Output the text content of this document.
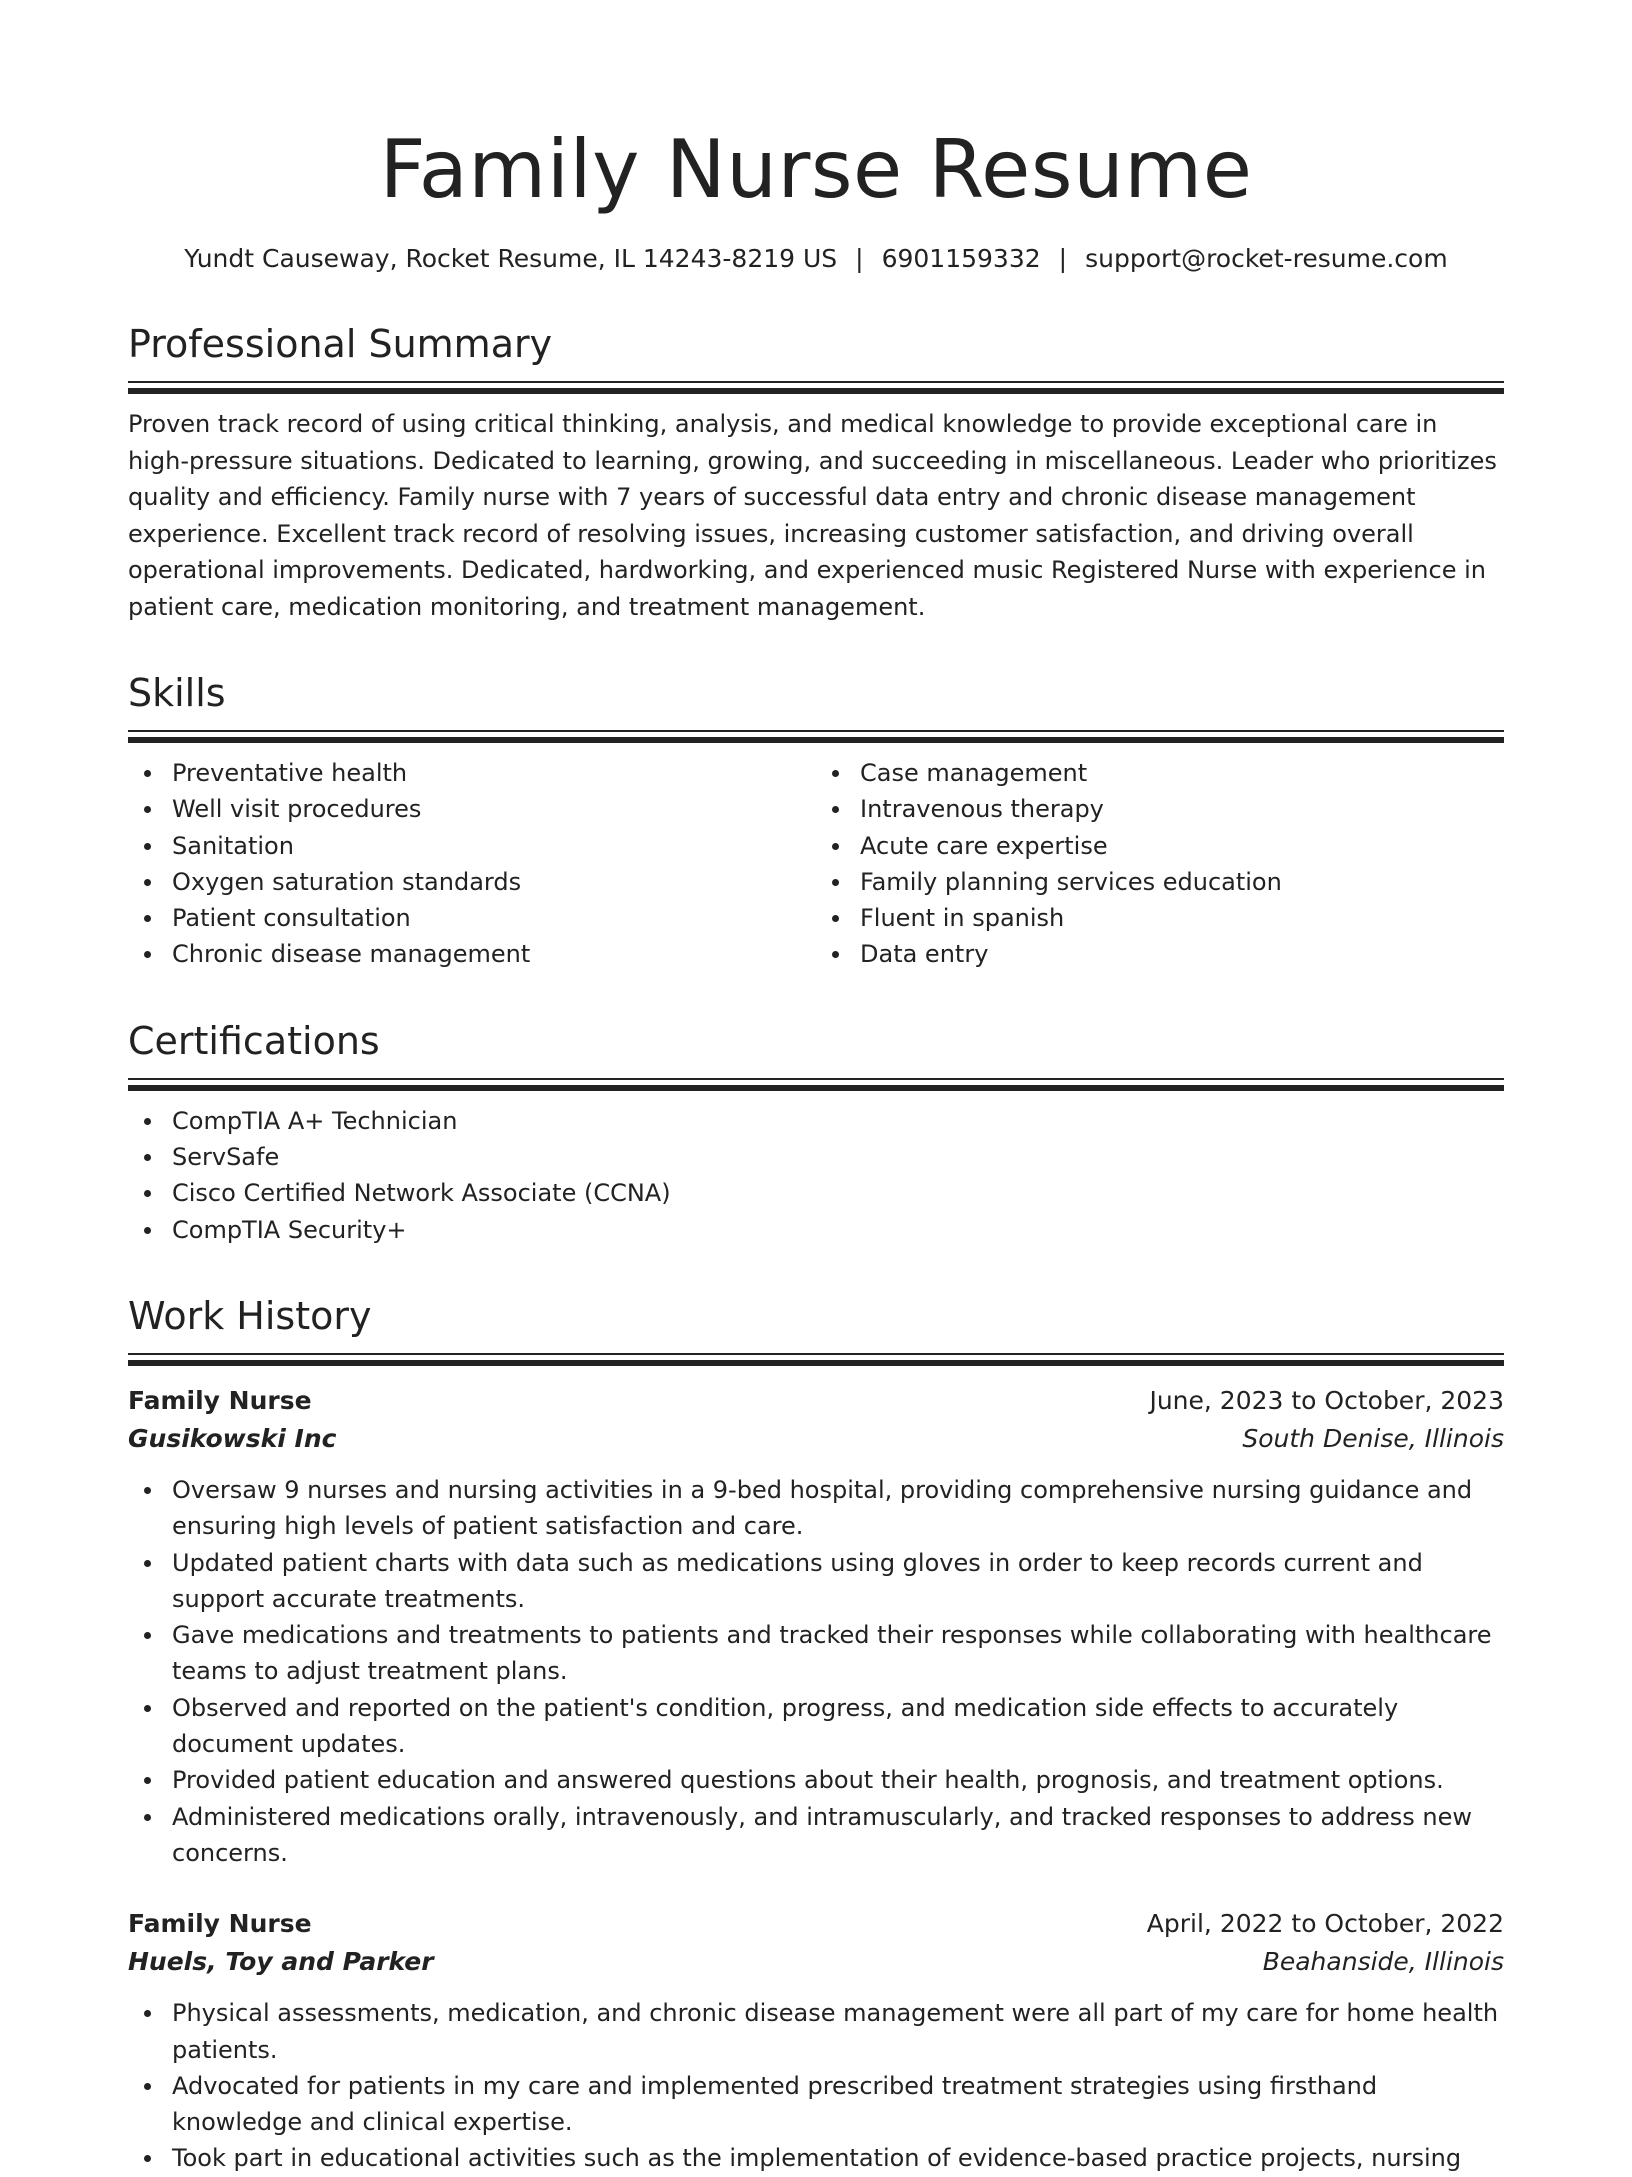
Family Nurse Resume
Yundt Causeway, Rocket Resume, IL 14243-8219 US | 6901159332 | support@rocket-resume.com
Professional Summary

Proven track record of using critical thinking, analysis, and medical knowledge to provide exceptional care in high-pressure situations. Dedicated to learning, growing, and succeeding in miscellaneous. Leader who prioritizes quality and efficiency. Family nurse with 7 years of successful data entry and chronic disease management experience. Excellent track record of resolving issues, increasing customer satisfaction, and driving overall operational improvements. Dedicated, hardworking, and experienced music Registered Nurse with experience in patient care, medication monitoring, and treatment management.

Skills
Preventative health
Well visit procedures
Sanitation
Oxygen saturation standards
Patient consultation
Chronic disease management
Case management
Intravenous therapy
Acute care expertise
Family planning services education
Fluent in spanish
Data entry
Certifications
CompTIA A+ Technician
ServSafe
Cisco Certified Network Associate (CCNA)
CompTIA Security+
Work History
Family Nurse	June, 2023 to October, 2023
Gusikowski Inc	South Denise, Illinois
Oversaw 9 nurses and nursing activities in a 9-bed hospital, providing comprehensive nursing guidance and ensuring high levels of patient satisfaction and care.
Updated patient charts with data such as medications using gloves in order to keep records current and support accurate treatments.
Gave medications and treatments to patients and tracked their responses while collaborating with healthcare teams to adjust treatment plans.
Observed and reported on the patient's condition, progress, and medication side effects to accurately document updates.
Provided patient education and answered questions about their health, prognosis, and treatment options.
Administered medications orally, intravenously, and intramuscularly, and tracked responses to address new concerns.
Family Nurse	April, 2022 to October, 2022
Huels, Toy and Parker	Beahanside, Illinois
Physical assessments, medication, and chronic disease management were all part of my care for home health patients.
Advocated for patients in my care and implemented prescribed treatment strategies using firsthand knowledge and clinical expertise.
Took part in educational activities such as the implementation of evidence-based practice projects, nursing
